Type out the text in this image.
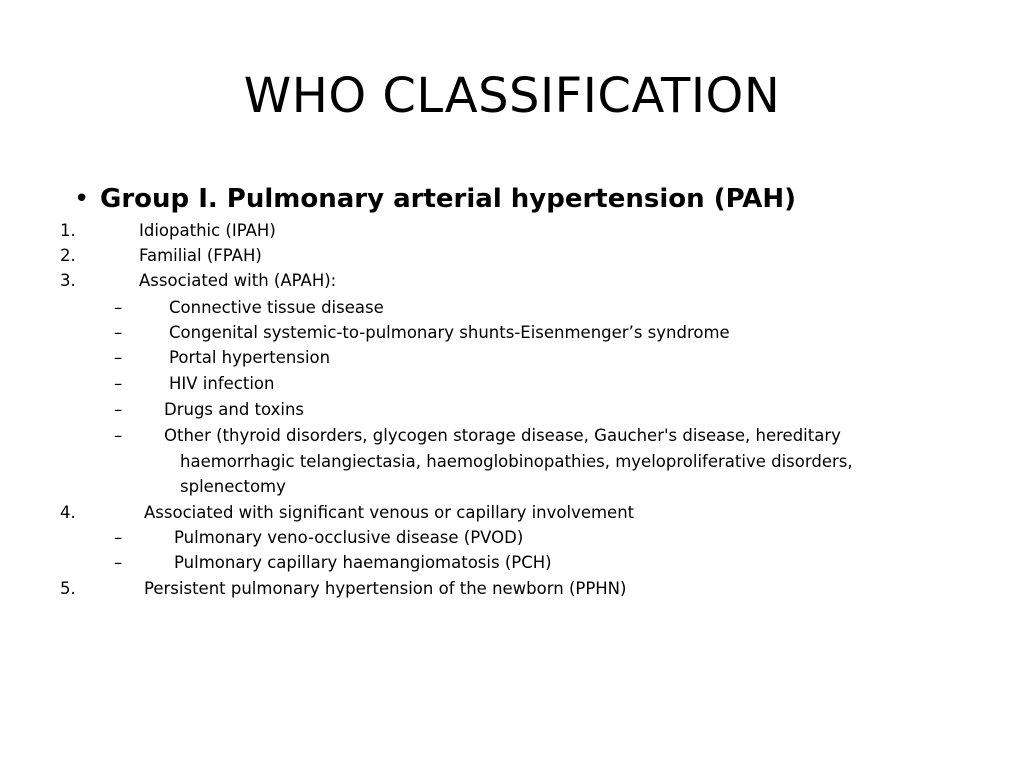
WHO CLASSIFICATION
• Group I. Pulmonary arterial hypertension (PAH)
1.	Idiopathic (IPAH)
2.	Familial (FPAH)
3.	Associated with (APAH):
–	Connective tissue disease
–	Congenital systemic-to-pulmonary shunts-Eisenmenger’s syndrome
–	Portal hypertension
–	HIV infection
–	Drugs and toxins
–	Other (thyroid disorders, glycogen storage disease, Gaucher's disease, hereditary
haemorrhagic telangiectasia, haemoglobinopathies, myeloproliferative disorders,
splenectomy
4.	Associated with significant venous or capillary involvement
–	Pulmonary veno-occlusive disease (PVOD)
–	Pulmonary capillary haemangiomatosis (PCH)
5.	Persistent pulmonary hypertension of the newborn (PPHN)
